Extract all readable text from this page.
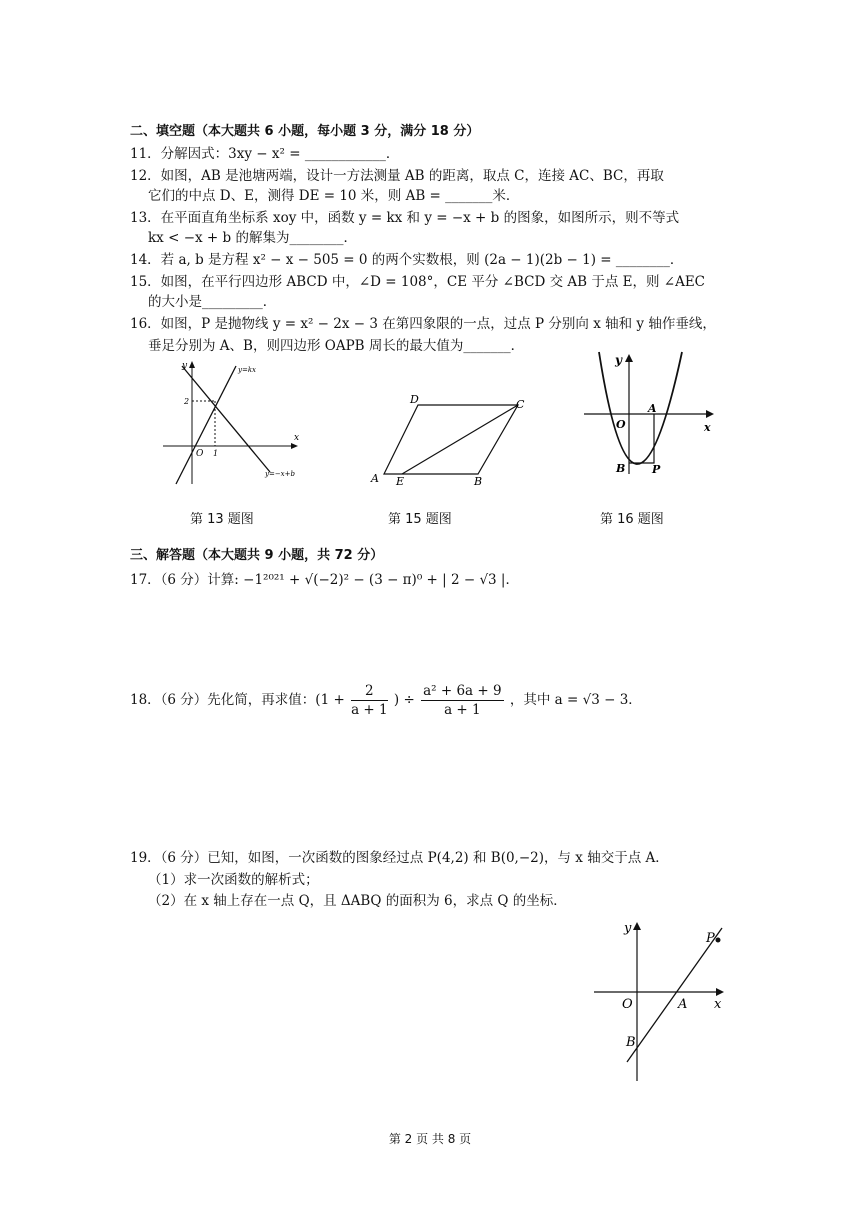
二、填空题（本大题共 6 小题，每小题 3 分，满分 18 分）
11．分解因式：3xy − x² = ____________．
12．如图，AB 是池塘两端，设计一方法测量 AB 的距离，取点 C，连接 AC、BC，再取
它们的中点 D、E，测得 DE = 10 米，则 AB = _______米．
13．在平面直角坐标系 xoy 中，函数 y = kx 和 y = −x + b 的图象，如图所示，则不等式
kx < −x + b 的解集为________．
14．若 a, b 是方程 x² − x − 505 = 0 的两个实数根，则 (2a − 1)(2b − 1) = ________．
15．如图，在平行四边形 ABCD 中，∠D = 108°，CE 平分 ∠BCD 交 AB 于点 E，则 ∠AEC
的大小是_________．
16．如图，P 是抛物线 y = x² − 2x − 3 在第四象限的一点，过点 P 分别向 x 轴和 y 轴作垂线，
垂足分别为 A、B，则四边形 OAPB 周长的最大值为_______．
y
x
O 1
2
y=kx
y=−x+b
D	C
A E	B
y
x
O
A
B P
第 13 题图	第 15 题图	第 16 题图
三、解答题（本大题共 9 小题，共 72 分）
17．（6 分）计算: −1²⁰²¹ + √(−2)² − (3 − π)⁰ + | 2 − √3 |．
18．（6 分）先化简，再求值：($1 + \frac{2}{a + 1}$ ) ÷ $\frac{\text{a² + 6a + 9}}{a + 1}$ ，其中 a = √3 − 3．
19．（6 分）已知，如图，一次函数的图象经过点 P(4,2) 和 B(0,−2)，与 x 轴交于点 A．
（1）求一次函数的解析式；
（2）在 x 轴上存在一点 Q，且 ΔABQ 的面积为 6，求点 Q 的坐标．
y
x
O	A
B
P
第 2 页 共 8 页
